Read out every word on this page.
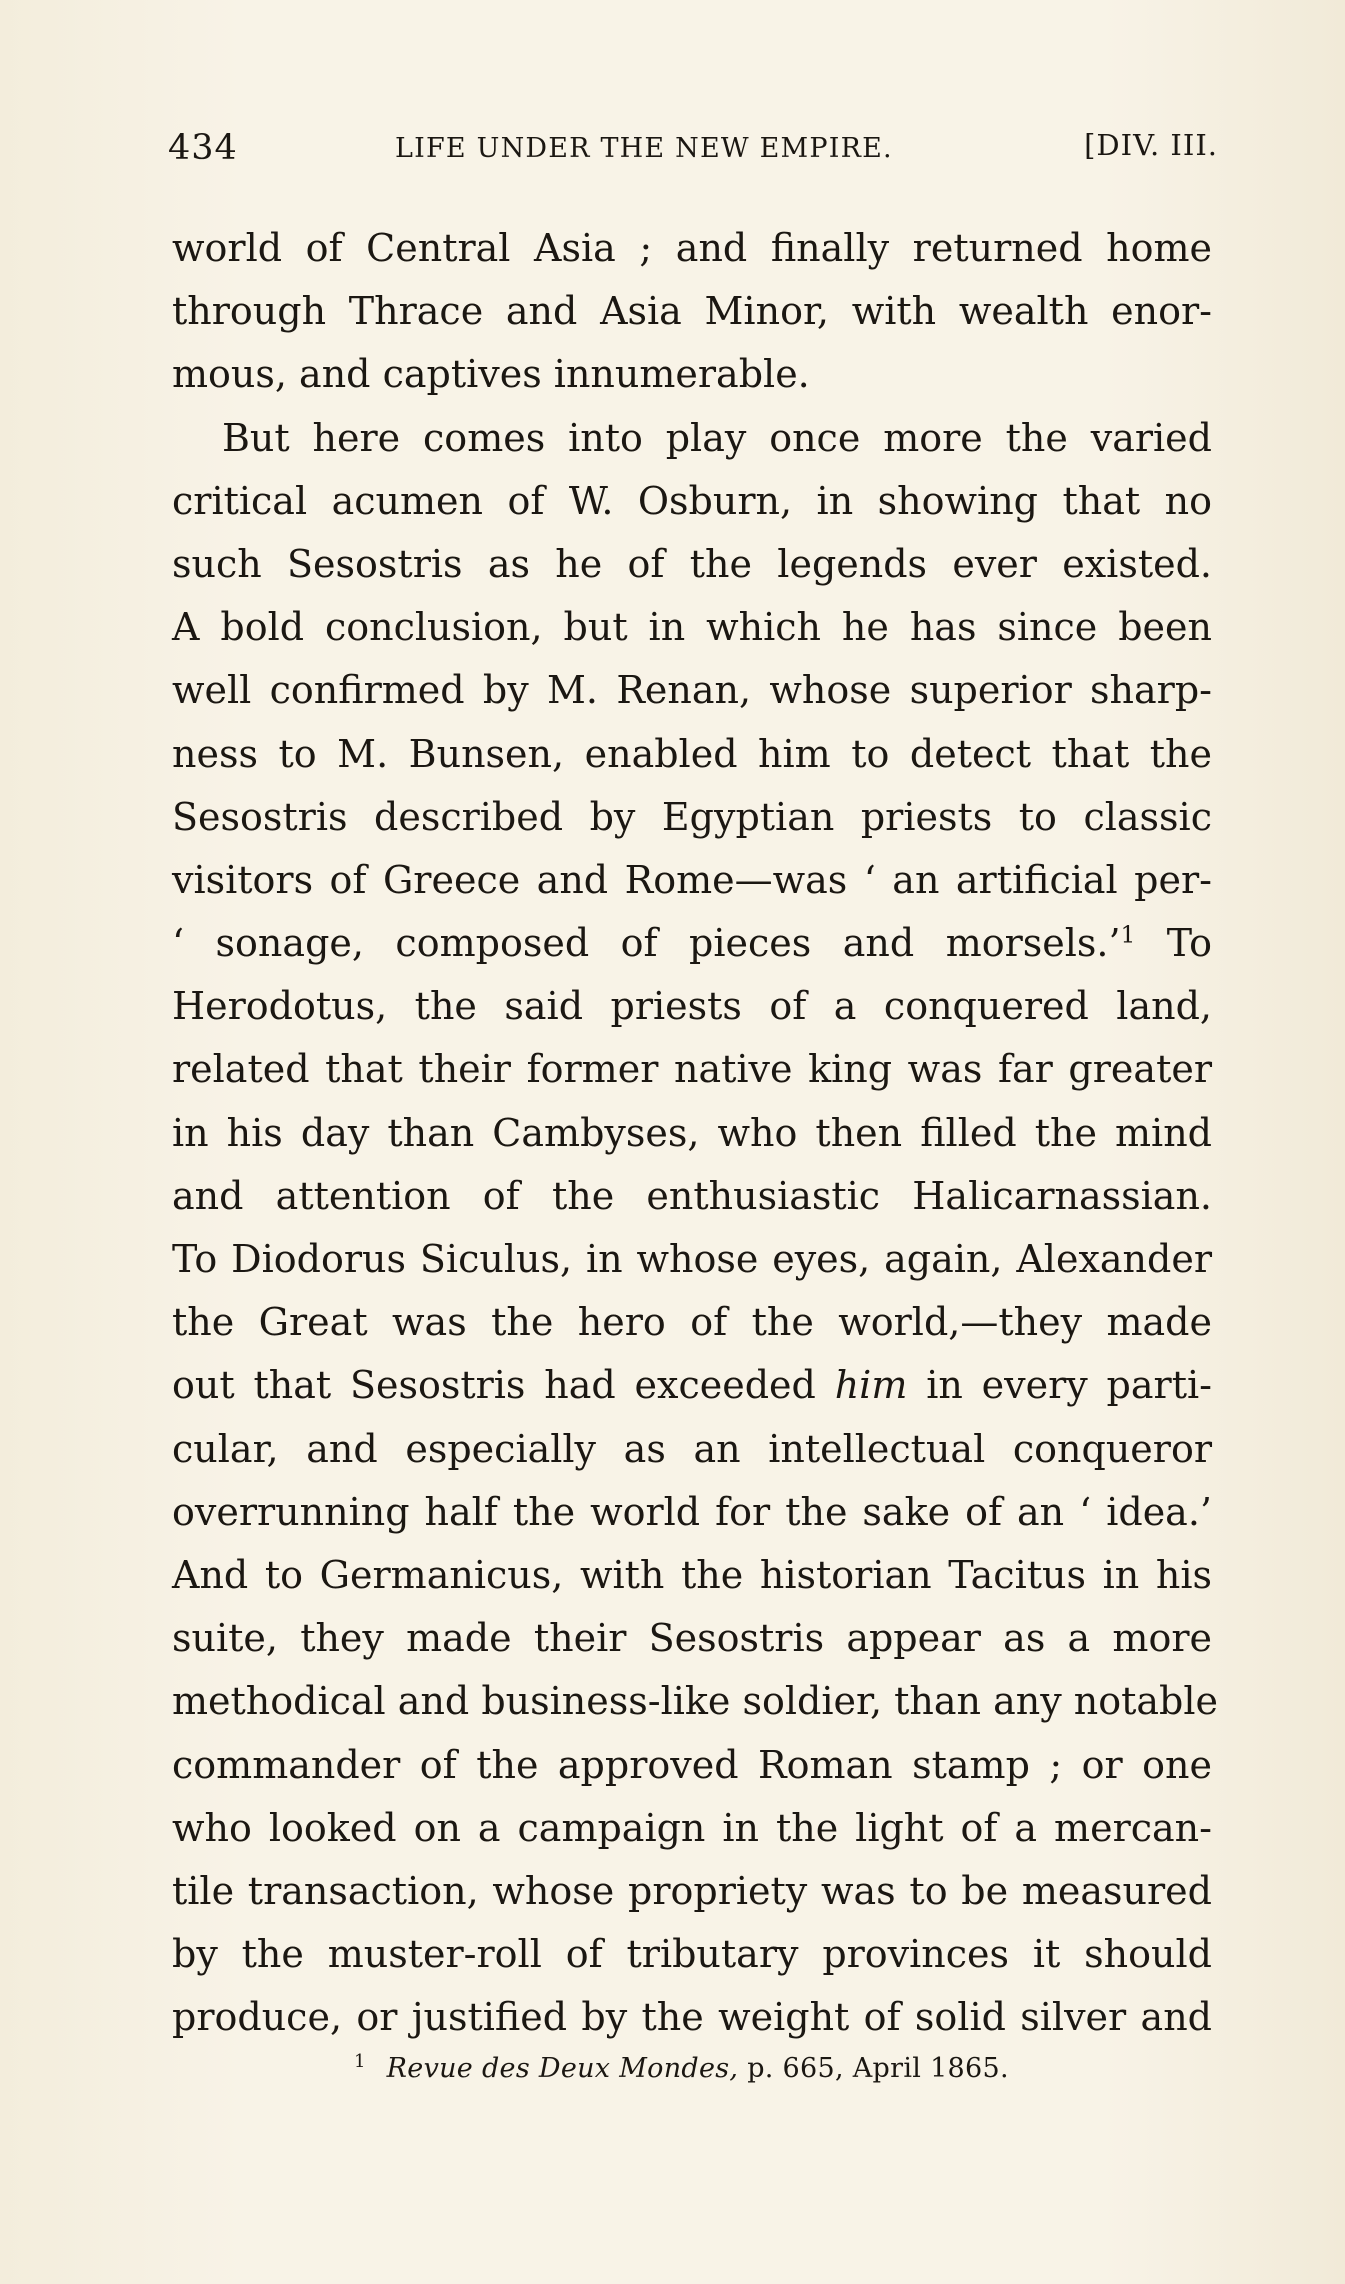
434	LIFE UNDER THE NEW EMPIRE.	[DIV. III.
world of Central Asia ; and finally returned home
through Thrace and Asia Minor, with wealth enor-
mous, and captives innumerable.
But here comes into play once more the varied
critical acumen of W. Osburn, in showing that no
such Sesostris as he of the legends ever existed.
A bold conclusion, but in which he has since been
well confirmed by M. Renan, whose superior sharp-
ness to M. Bunsen, enabled him to detect that the
Sesostris described by Egyptian priests to classic
visitors of Greece and Rome—was ‘ an artificial per-
‘ sonage, composed of pieces and morsels.’$^1$ To
Herodotus, the said priests of a conquered land,
related that their former native king was far greater
in his day than Cambyses, who then filled the mind
and attention of the enthusiastic Halicarnassian.
To Diodorus Siculus, in whose eyes, again, Alexander
the Great was the hero of the world,—they made
out that Sesostris had exceeded him in every parti-
cular, and especially as an intellectual conqueror
overrunning half the world for the sake of an ‘ idea.’
And to Germanicus, with the historian Tacitus in his
suite, they made their Sesostris appear as a more
methodical and business-like soldier, than any notable
commander of the approved Roman stamp ; or one
who looked on a campaign in the light of a mercan-
tile transaction, whose propriety was to be measured
by the muster-roll of tributary provinces it should
produce, or justified by the weight of solid silver and
$^1$ Revue des Deux Mondes, p. 665, April 1865.
